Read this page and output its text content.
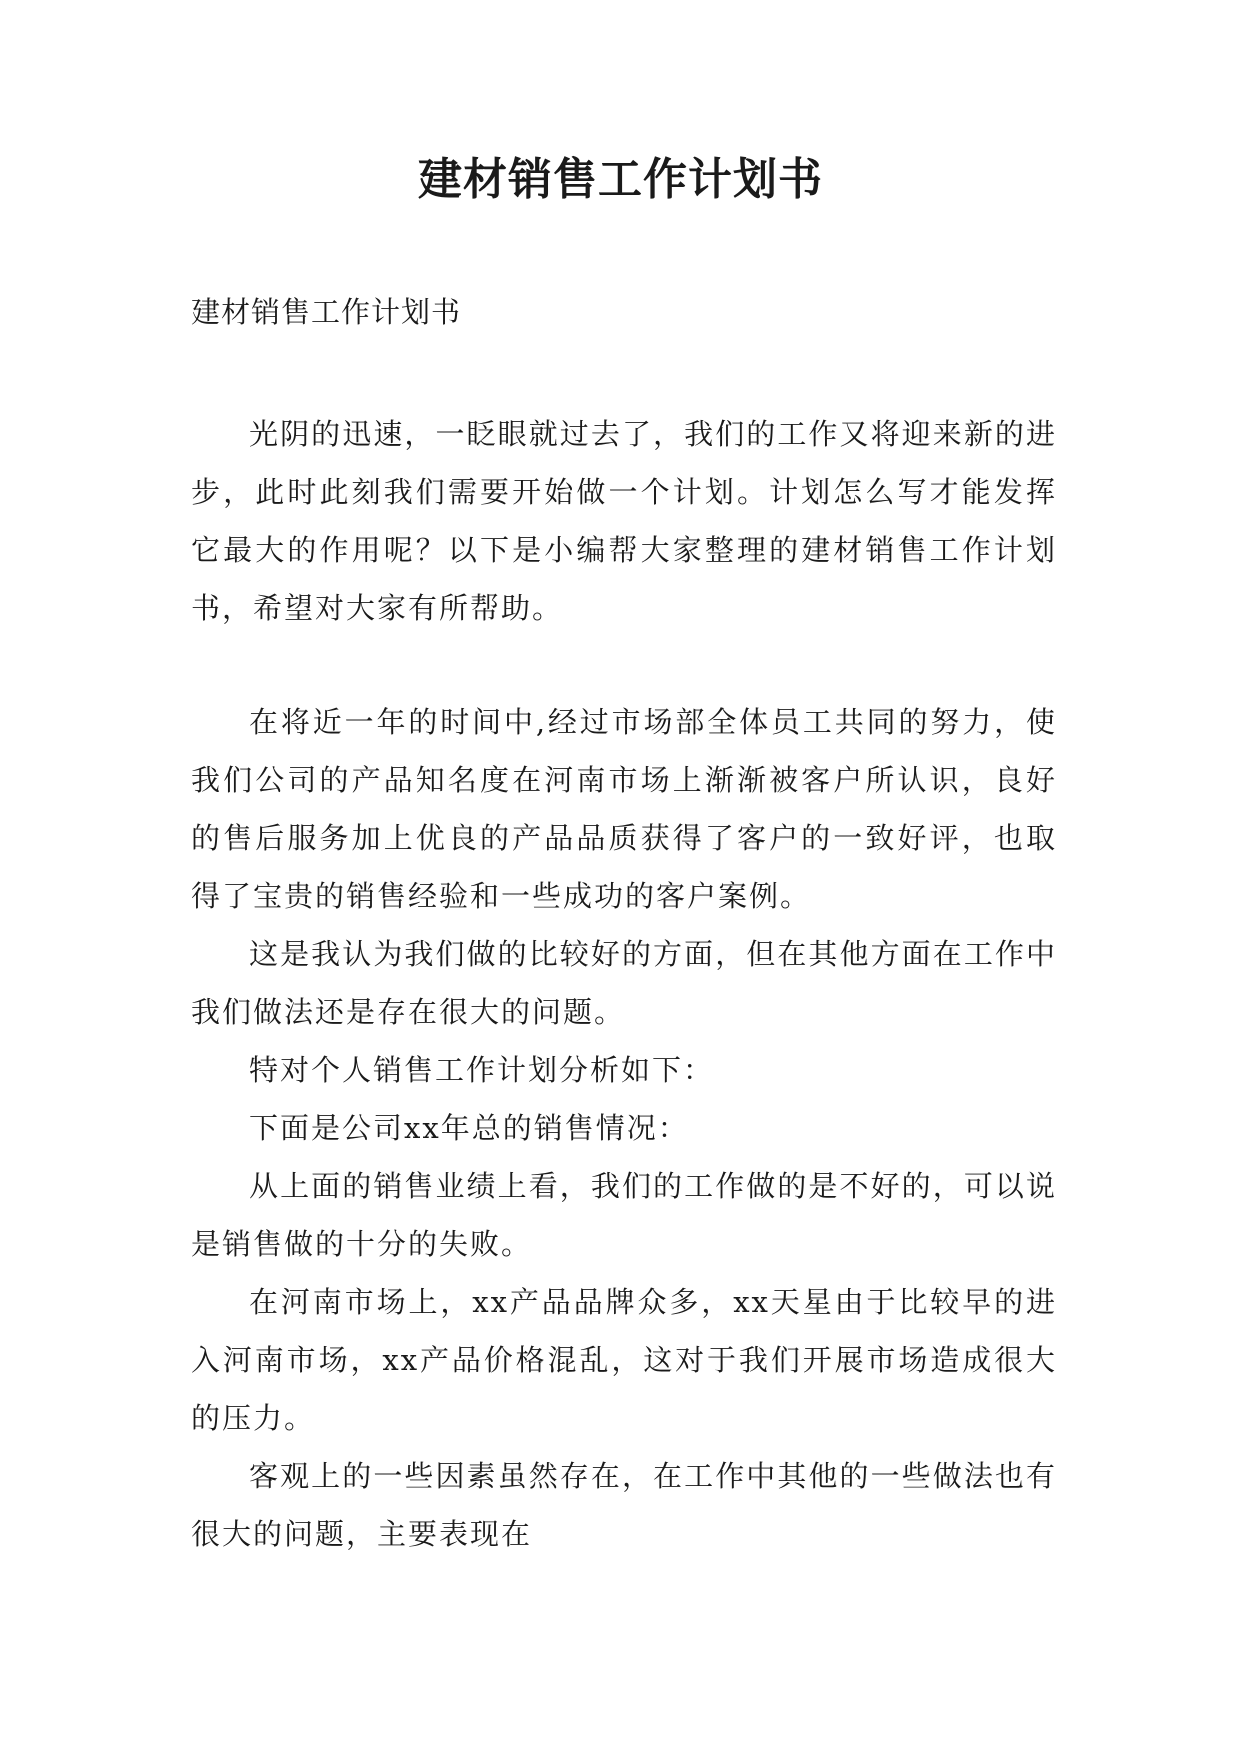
建材销售工作计划书

建材销售工作计划书

光阴的迅速，一眨眼就过去了，我们的工作又将迎来新的进步，此时此刻我们需要开始做一个计划。计划怎么写才能发挥它最大的作用呢？以下是小编帮大家整理的建材销售工作计划书，希望对大家有所帮助。

在将近一年的时间中,经过市场部全体员工共同的努力，使我们公司的产品知名度在河南市场上渐渐被客户所认识，良好的售后服务加上优良的产品品质获得了客户的一致好评，也取得了宝贵的销售经验和一些成功的客户案例。

这是我认为我们做的比较好的方面，但在其他方面在工作中我们做法还是存在很大的问题。

特对个人销售工作计划分析如下：

下面是公司xx年总的销售情况：

从上面的销售业绩上看，我们的工作做的是不好的，可以说是销售做的十分的失败。

在河南市场上，xx产品品牌众多，xx天星由于比较早的进入河南市场，xx产品价格混乱，这对于我们开展市场造成很大的压力。

客观上的一些因素虽然存在，在工作中其他的一些做法也有很大的问题，主要表现在
